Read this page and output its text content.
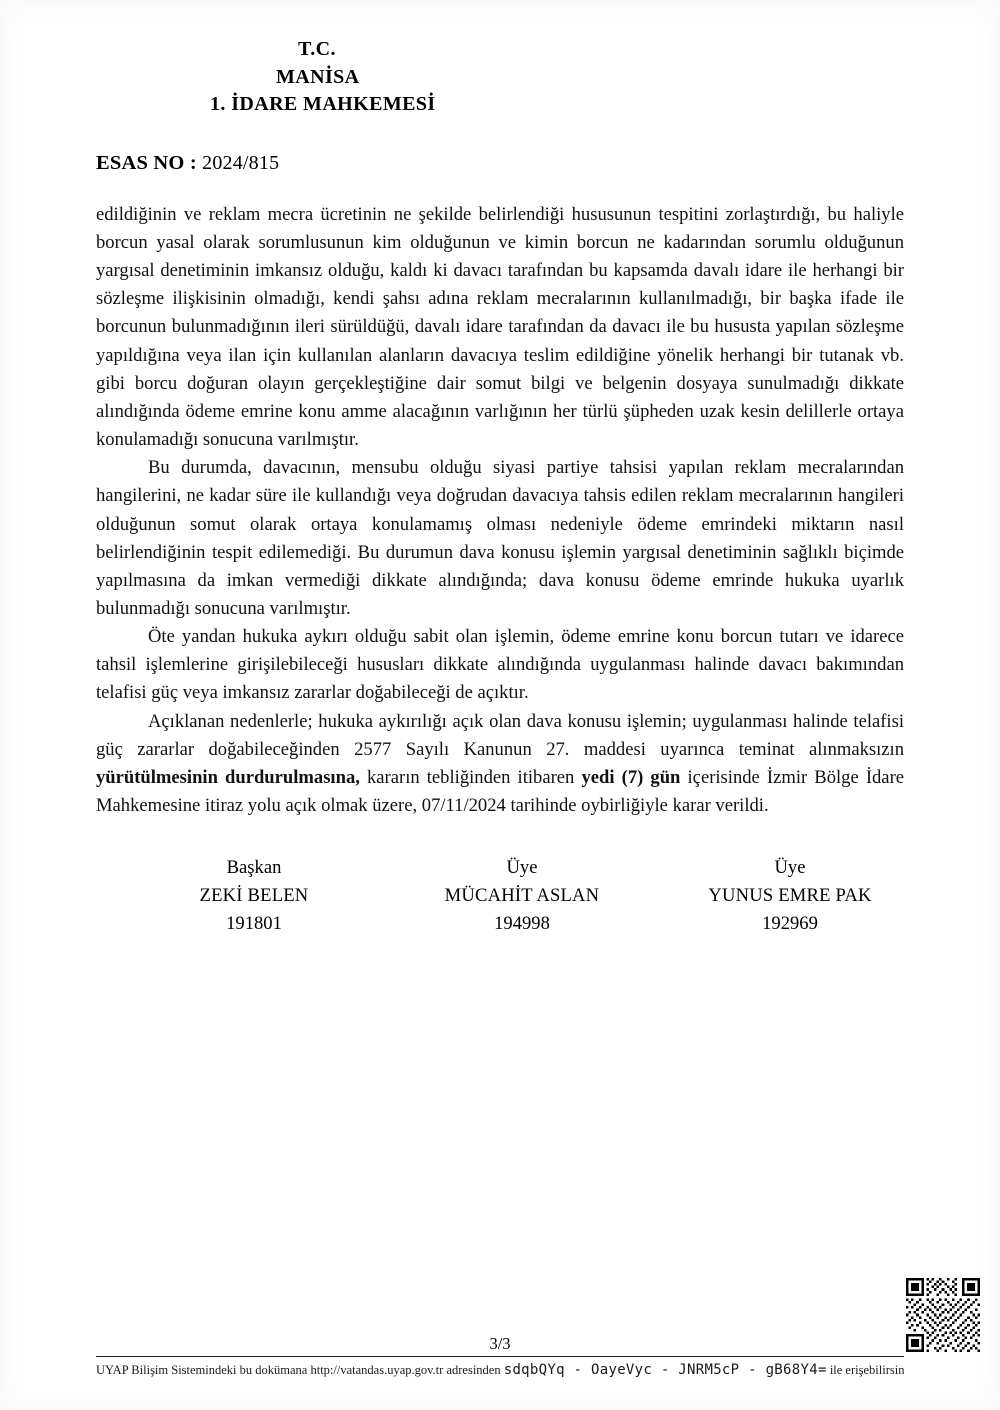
T.C.
MANİSA
1. İDARE MAHKEMESİ
ESAS NO : 2024/815

edildiğinin ve reklam mecra ücretinin ne şekilde belirlendiği hususunun tespitini zorlaştırdığı, bu haliyle borcun yasal olarak sorumlusunun kim olduğunun ve kimin borcun ne kadarından sorumlu olduğunun yargısal denetiminin imkansız olduğu, kaldı ki davacı tarafından bu kapsamda davalı idare ile herhangi bir sözleşme ilişkisinin olmadığı, kendi şahsı adına reklam mecralarının kullanılmadığı, bir başka ifade ile borcunun bulunmadığının ileri sürüldüğü, davalı idare tarafından da davacı ile bu hususta yapılan sözleşme yapıldığına veya ilan için kullanılan alanların davacıya teslim edildiğine yönelik herhangi bir tutanak vb. gibi borcu doğuran olayın gerçekleştiğine dair somut bilgi ve belgenin dosyaya sunulmadığı dikkate alındığında ödeme emrine konu amme alacağının varlığının her türlü şüpheden uzak kesin delillerle ortaya konulamadığı sonucuna varılmıştır.

Bu durumda, davacının, mensubu olduğu siyasi partiye tahsisi yapılan reklam mecralarından hangilerini, ne kadar süre ile kullandığı veya doğrudan davacıya tahsis edilen reklam mecralarının hangileri olduğunun somut olarak ortaya konulamamış olması nedeniyle ödeme emrindeki miktarın nasıl belirlendiğinin tespit edilemediği. Bu durumun dava konusu işlemin yargısal denetiminin sağlıklı biçimde yapılmasına da imkan vermediği dikkate alındığında; dava konusu ödeme emrinde hukuka uyarlık bulunmadığı sonucuna varılmıştır.

Öte yandan hukuka aykırı olduğu sabit olan işlemin, ödeme emrine konu borcun tutarı ve idarece tahsil işlemlerine girişilebileceği hususları dikkate alındığında uygulanması halinde davacı bakımından telafisi güç veya imkansız zararlar doğabileceği de açıktır.

Açıklanan nedenlerle; hukuka aykırılığı açık olan dava konusu işlemin; uygulanması halinde telafisi güç zararlar doğabileceğinden 2577 Sayılı Kanunun 27. maddesi uyarınca teminat alınmaksızın yürütülmesinin durdurulmasına, kararın tebliğinden itibaren yedi (7) gün içerisinde İzmir Bölge İdare Mahkemesine itiraz yolu açık olmak üzere, 07/11/2024 tarihinde oybirliğiyle karar verildi.

Başkan
ZEKİ BELEN
191801
Üye
MÜCAHİT ASLAN
194998
Üye
YUNUS EMRE PAK
192969
3/3
UYAP Bilişim Sistemindeki bu dokümana http://vatandas.uyap.gov.tr adresinden sdqbQYq - OayeVyc - JNRM5cP - gB68Y4= ile erişebilirsin
